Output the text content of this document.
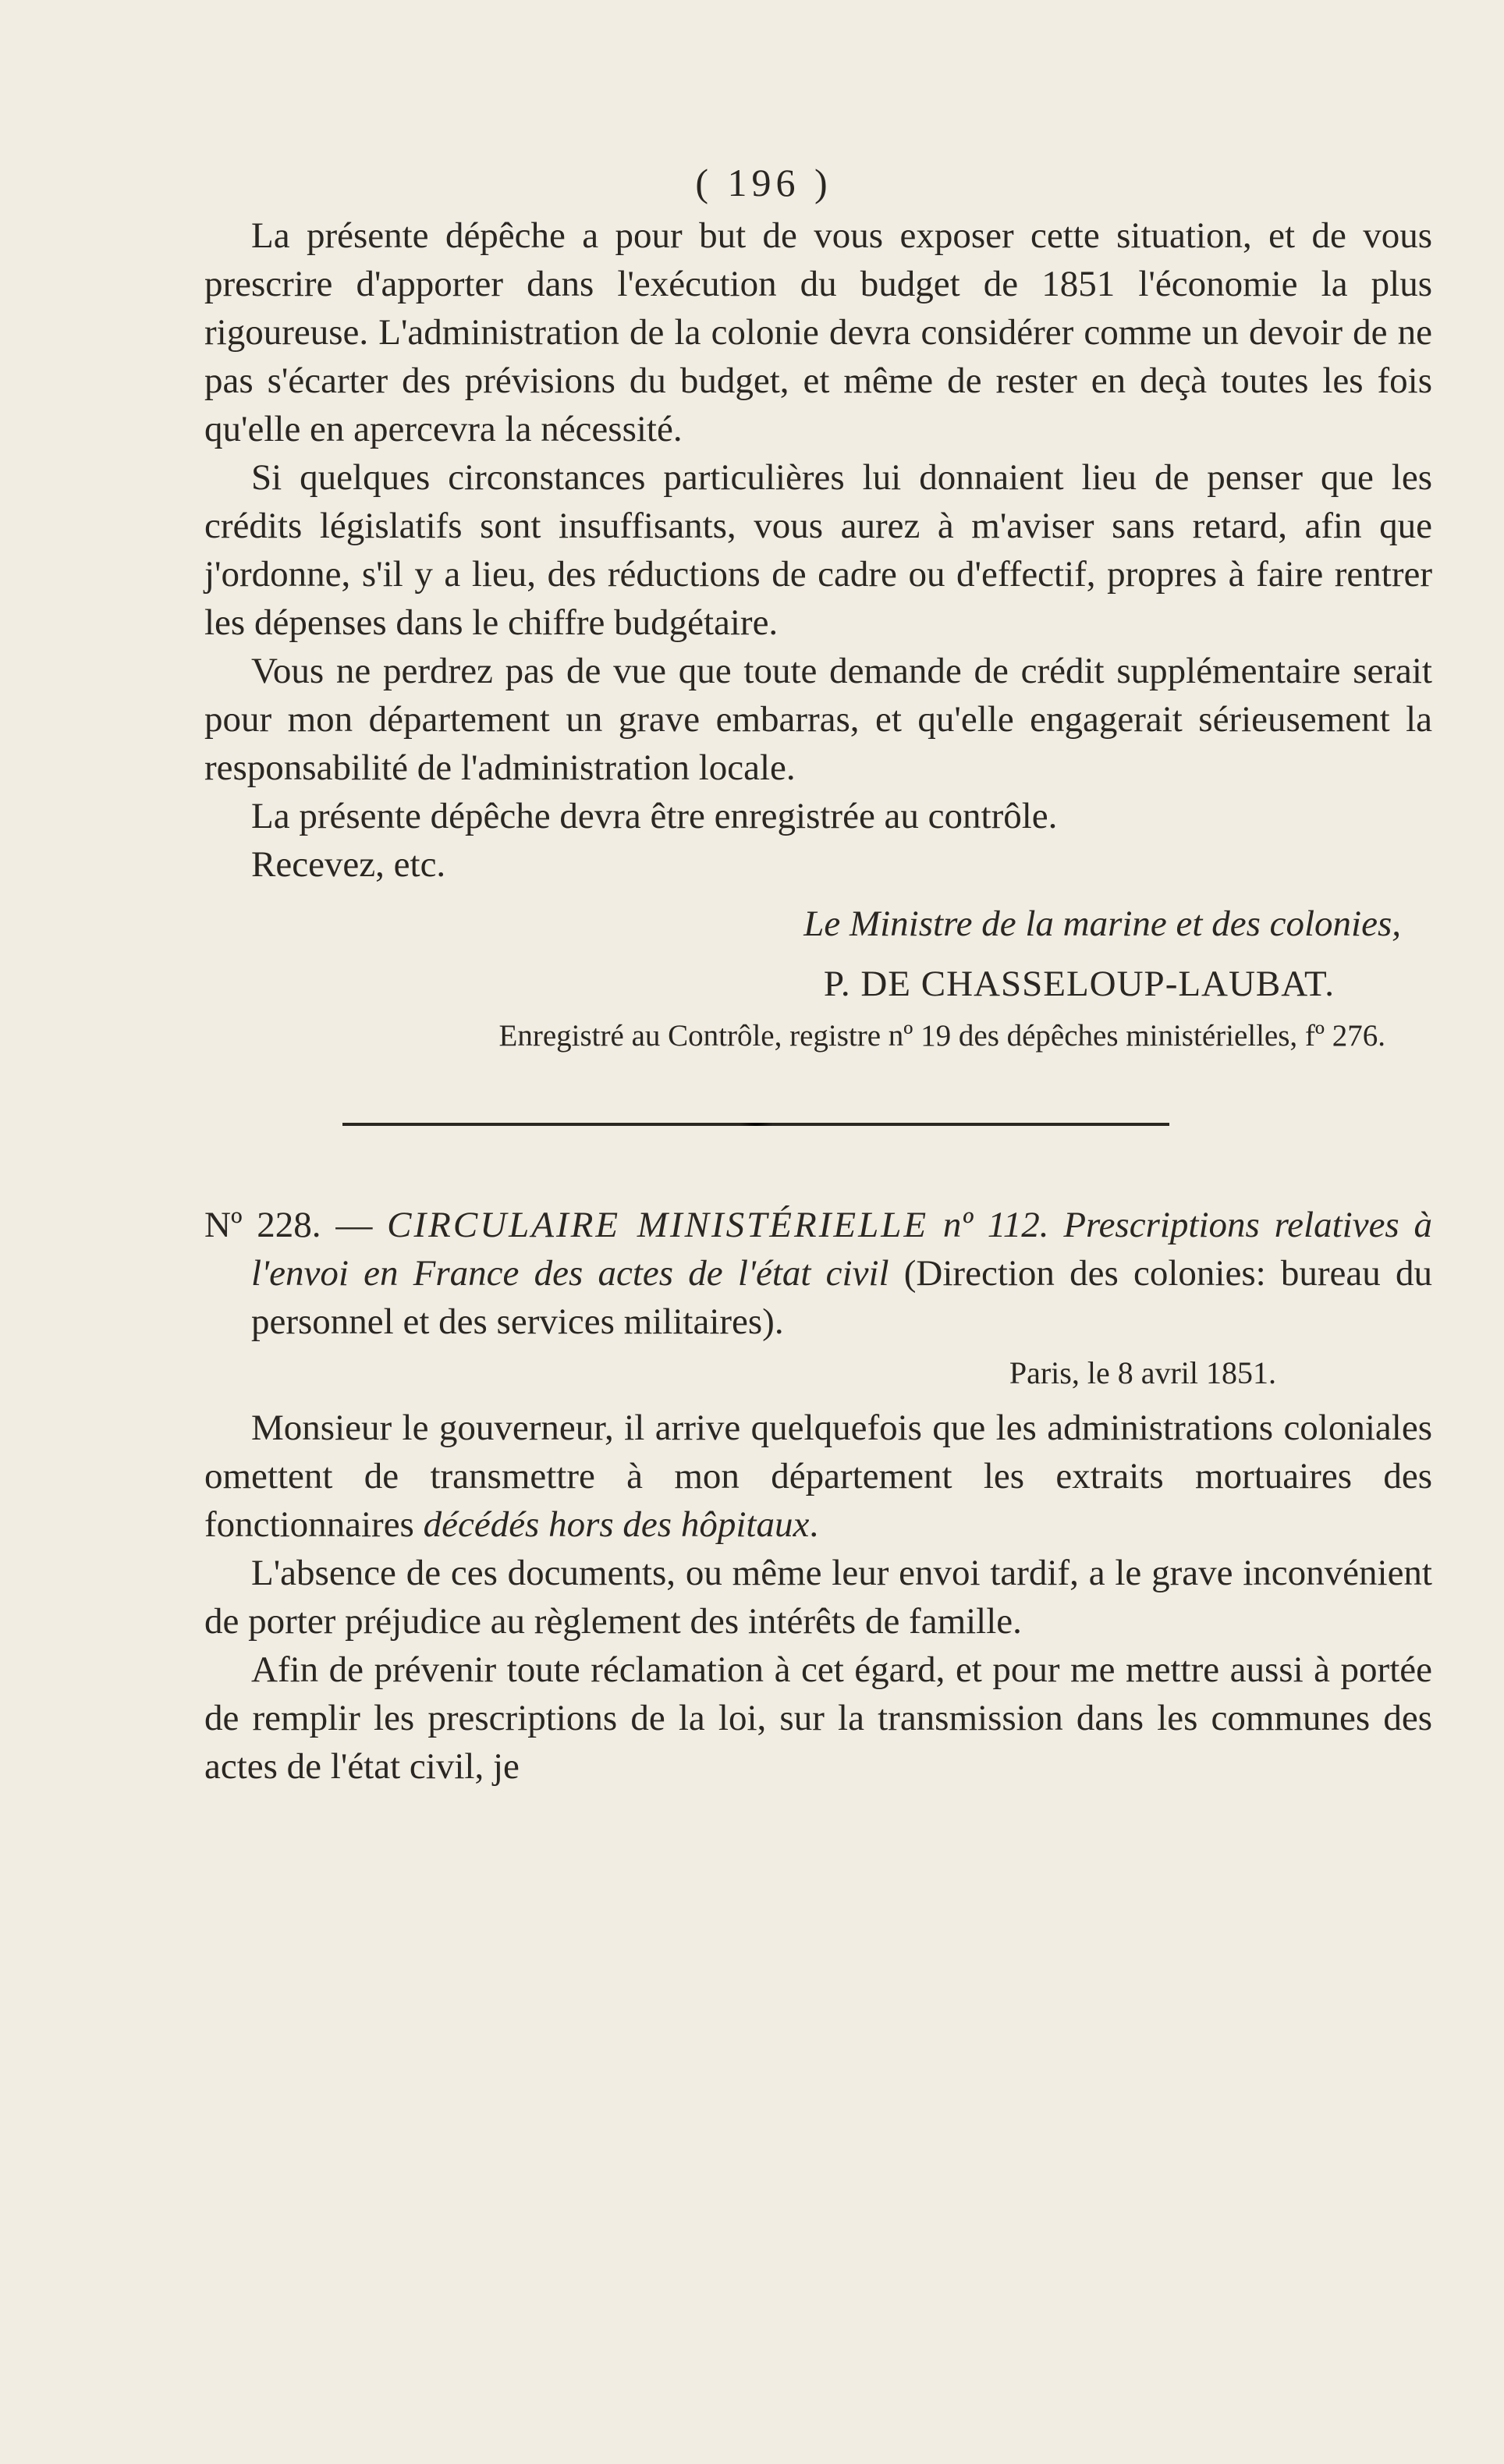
( 196 )

La présente dépêche a pour but de vous exposer cette situation, et de vous prescrire d'apporter dans l'exécution du budget de 1851 l'économie la plus rigoureuse. L'administration de la colonie devra considérer comme un devoir de ne pas s'écarter des prévisions du budget, et même de rester en deçà toutes les fois qu'elle en apercevra la nécessité.

Si quelques circonstances particulières lui donnaient lieu de penser que les crédits législatifs sont insuffisants, vous aurez à m'aviser sans retard, afin que j'ordonne, s'il y a lieu, des réductions de cadre ou d'effectif, propres à faire rentrer les dépenses dans le chiffre budgétaire.

Vous ne perdrez pas de vue que toute demande de crédit supplémentaire serait pour mon département un grave embarras, et qu'elle engagerait sérieusement la responsabilité de l'administration locale.

La présente dépêche devra être enregistrée au contrôle.

Recevez, etc.

Le Ministre de la marine et des colonies,
P. DE CHASSELOUP-LAUBAT.
Enregistré au Contrôle, registre nº 19 des dépêches ministérielles, fº 276.
Nº 228. — CIRCULAIRE MINISTÉRIELLE nº 112. Prescriptions relatives à l'envoi en France des actes de l'état civil (Direction des colonies: bureau du personnel et des services militaires).
Paris, le 8 avril 1851.

Monsieur le gouverneur, il arrive quelquefois que les administrations coloniales omettent de transmettre à mon département les extraits mortuaires des fonctionnaires décédés hors des hôpitaux.

L'absence de ces documents, ou même leur envoi tardif, a le grave inconvénient de porter préjudice au règlement des intérêts de famille.

Afin de prévenir toute réclamation à cet égard, et pour me mettre aussi à portée de remplir les prescriptions de la loi, sur la transmission dans les communes des actes de l'état civil, je
